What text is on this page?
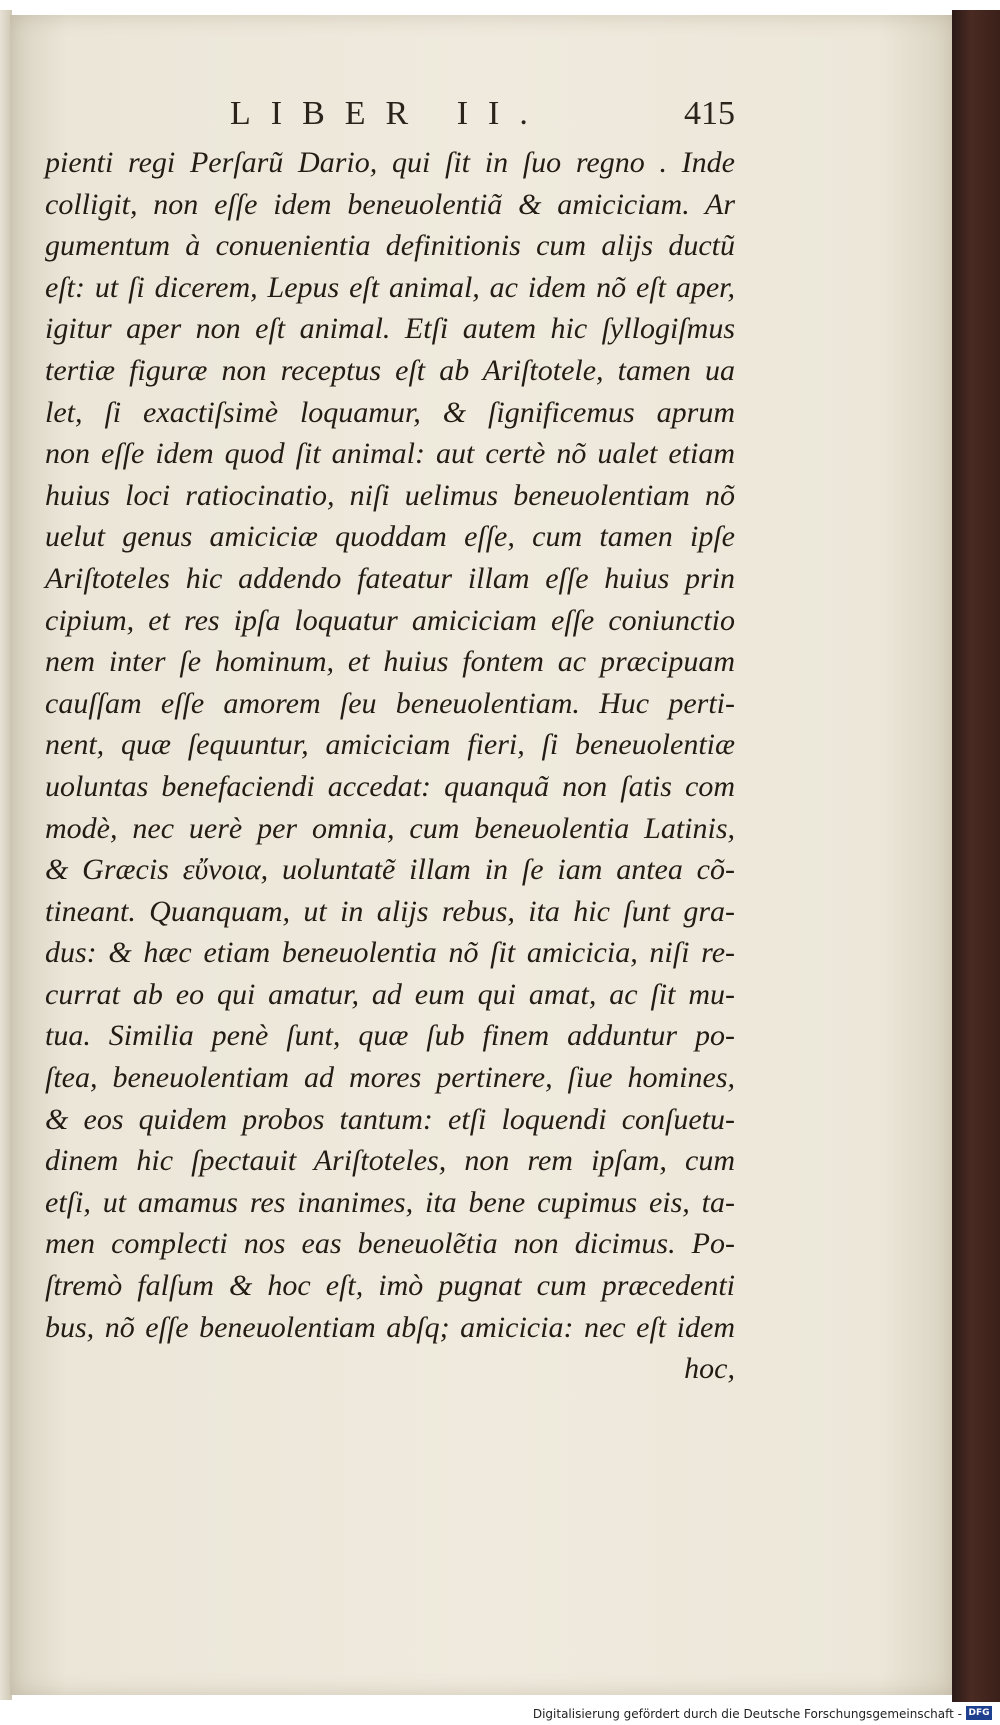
LIBER II.	415
pienti regi Perſarũ Dario, qui ſit in ſuo regno . Inde
colligit, non eſſe idem beneuolentiã & amiciciam. Ar
gumentum à conuenientia definitionis cum alijs ductũ
eſt: ut ſi dicerem, Lepus eſt animal, ac idem nõ eſt aper,
igitur aper non eſt animal. Etſi autem hic ſyllogiſmus
tertiæ figuræ non receptus eſt ab Ariſtotele, tamen ua
let, ſi exactiſsimè loquamur, & ſignificemus aprum
non eſſe idem quod ſit animal: aut certè nõ ualet etiam
huius loci ratiocinatio, niſi uelimus beneuolentiam nõ
uelut genus amiciciæ quoddam eſſe, cum tamen ipſe
Ariſtoteles hic addendo fateatur illam eſſe huius prin
cipium, et res ipſa loquatur amiciciam eſſe coniunctio
nem inter ſe hominum, et huius fontem ac præcipuam
cauſſam eſſe amorem ſeu beneuolentiam. Huc perti-
nent, quæ ſequuntur, amiciciam fieri, ſi beneuolentiæ
uoluntas benefaciendi accedat: quanquã non ſatis com
modè, nec uerè per omnia, cum beneuolentia Latinis,
& Græcis εὔνοια, uoluntatẽ illam in ſe iam antea cõ-
tineant. Quanquam, ut in alijs rebus, ita hic ſunt gra-
dus: & hæc etiam beneuolentia nõ ſit amicicia, niſi re-
currat ab eo qui amatur, ad eum qui amat, ac ſit mu-
tua. Similia penè ſunt, quæ ſub finem adduntur po-
ſtea, beneuolentiam ad mores pertinere, ſiue homines,
& eos quidem probos tantum: etſi loquendi conſuetu-
dinem hic ſpectauit Ariſtoteles, non rem ipſam, cum
etſi, ut amamus res inanimes, ita bene cupimus eis, ta-
men complecti nos eas beneuolẽtia non dicimus. Po-
ſtremò falſum & hoc eſt, imò pugnat cum præcedenti
bus, nõ eſſe beneuolentiam abſq; amicicia: nec eſt idem
hoc,
Digitalisierung gefördert durch die Deutsche Forschungsgemeinschaft - DFG
